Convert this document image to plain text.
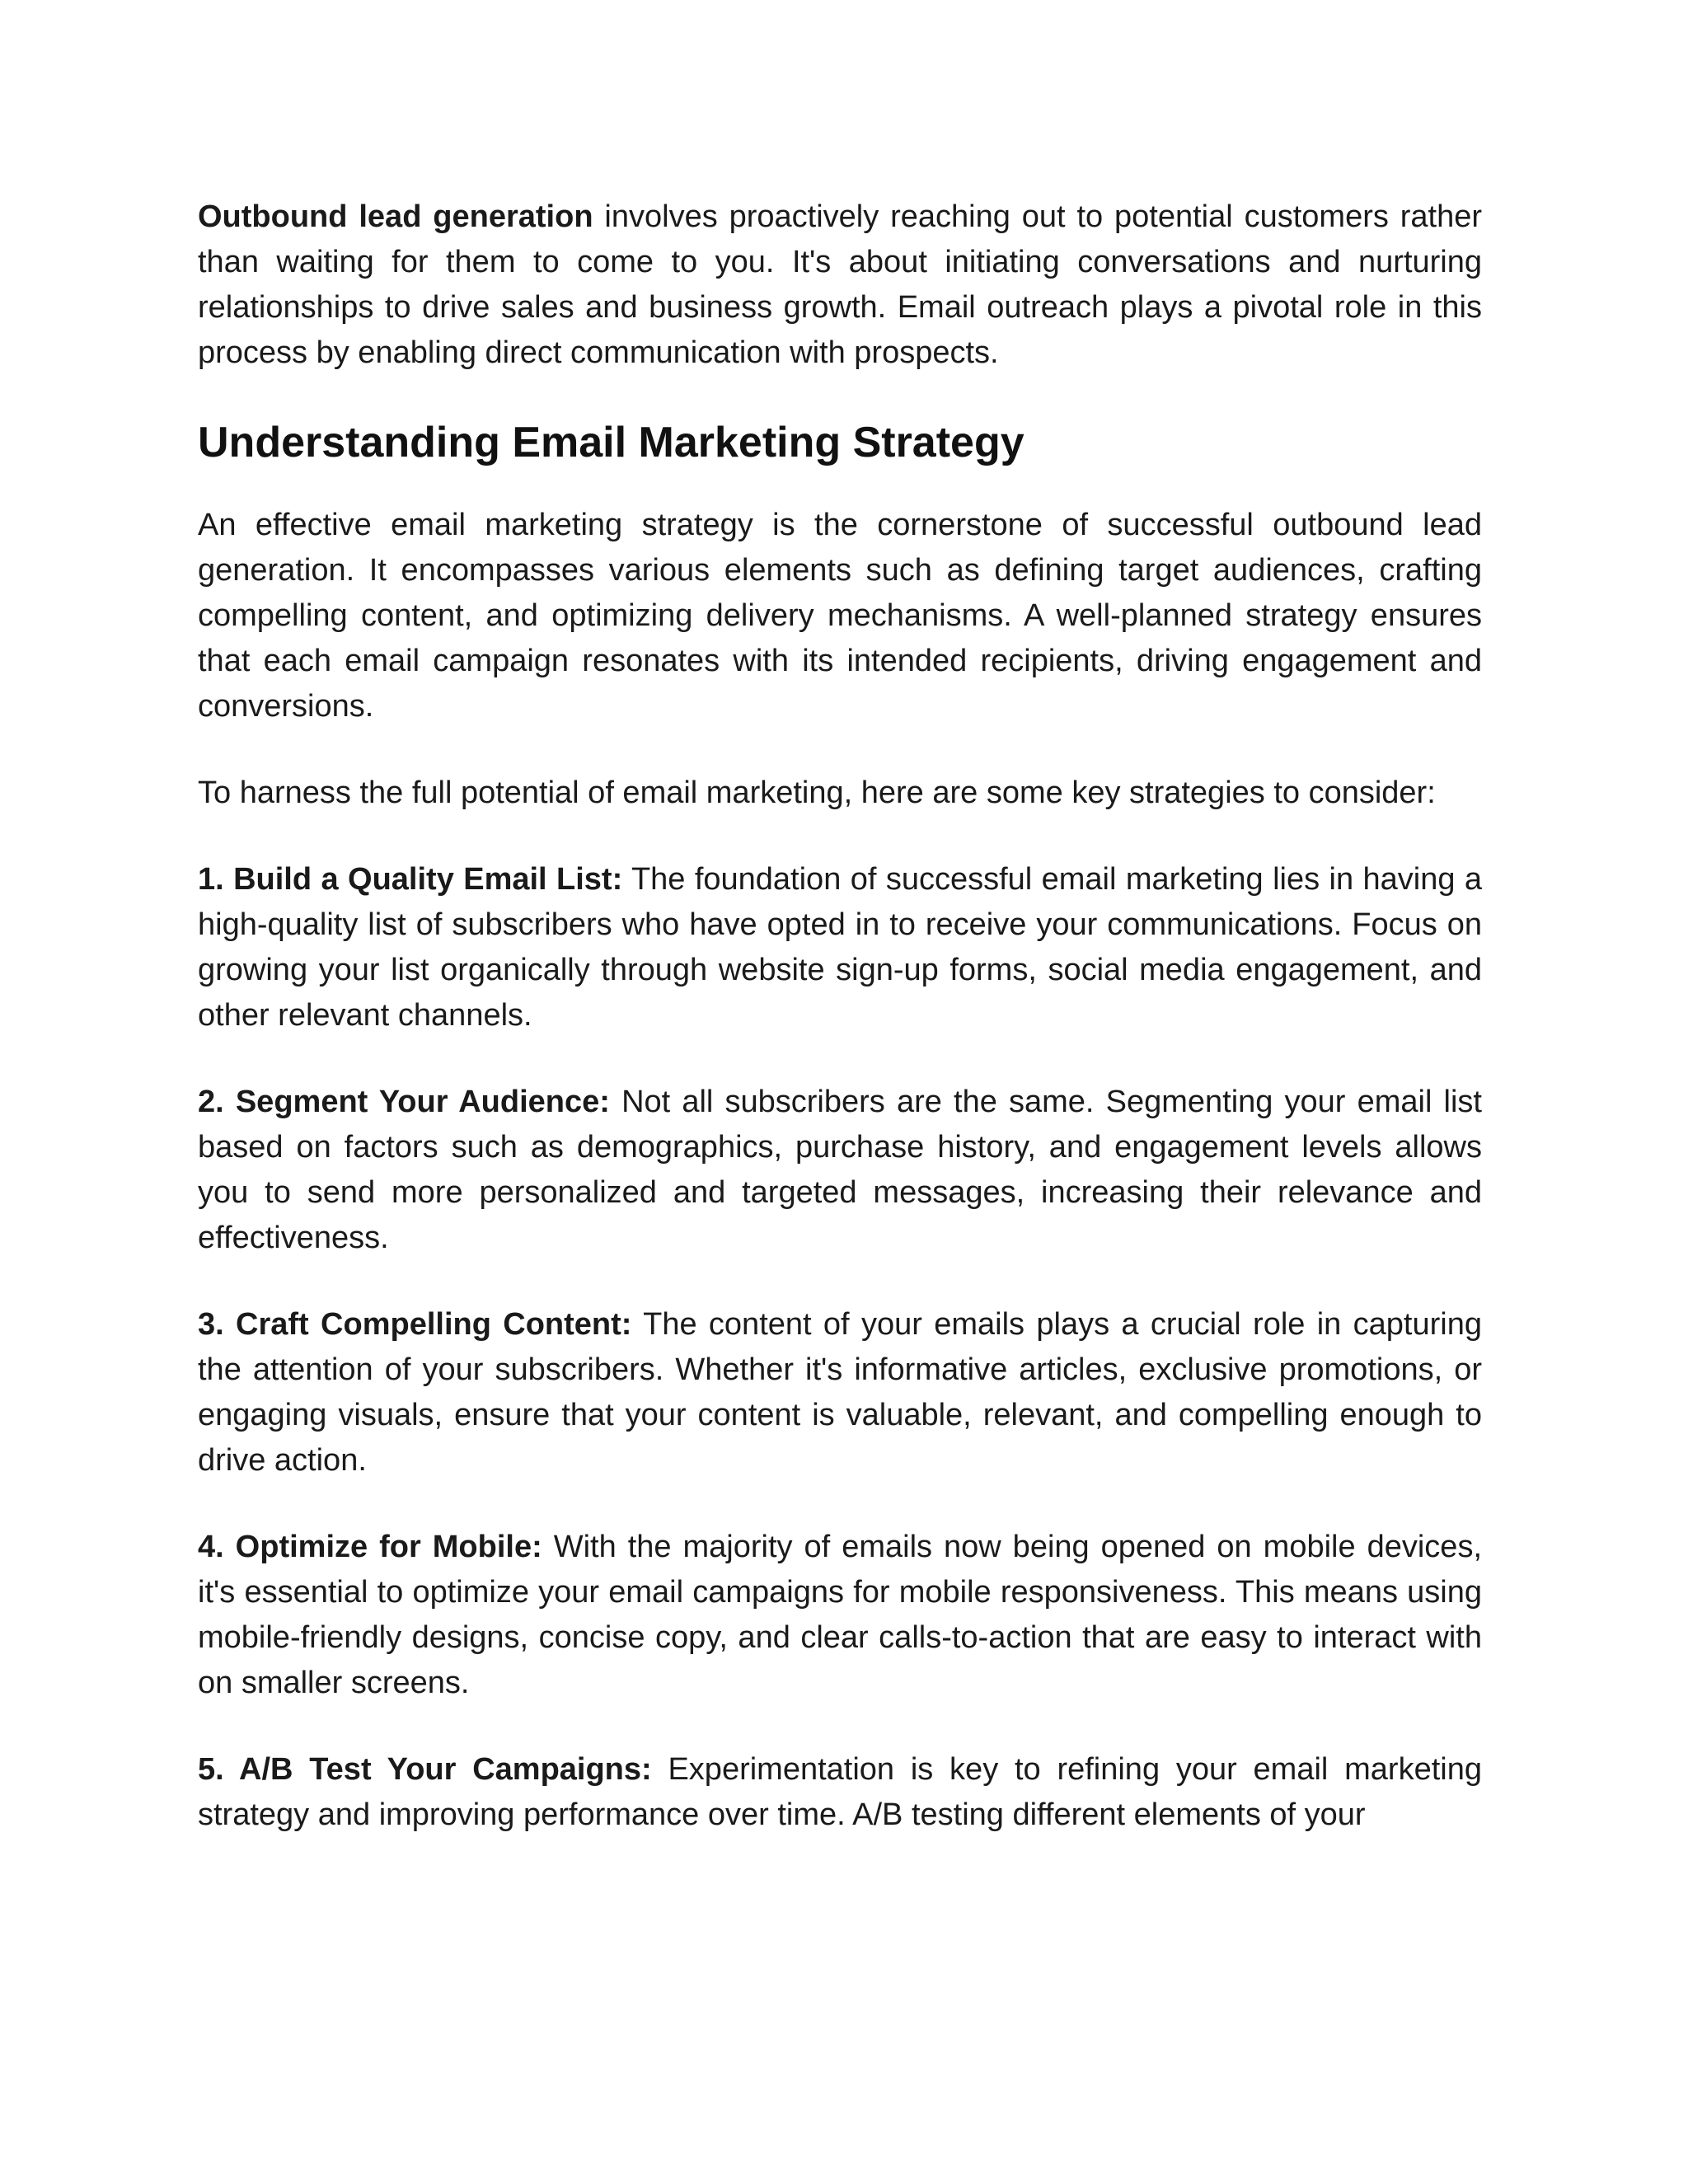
Outbound lead generation involves proactively reaching out to potential customers rather than waiting for them to come to you. It's about initiating conversations and nurturing relationships to drive sales and business growth. Email outreach plays a pivotal role in this process by enabling direct communication with prospects.

Understanding Email Marketing Strategy

An effective email marketing strategy is the cornerstone of successful outbound lead generation. It encompasses various elements such as defining target audiences, crafting compelling content, and optimizing delivery mechanisms. A well-planned strategy ensures that each email campaign resonates with its intended recipients, driving engagement and conversions.

To harness the full potential of email marketing, here are some key strategies to consider:

1. Build a Quality Email List: The foundation of successful email marketing lies in having a high-quality list of subscribers who have opted in to receive your communications. Focus on growing your list organically through website sign-up forms, social media engagement, and other relevant channels.

2. Segment Your Audience: Not all subscribers are the same. Segmenting your email list based on factors such as demographics, purchase history, and engagement levels allows you to send more personalized and targeted messages, increasing their relevance and effectiveness.

3. Craft Compelling Content: The content of your emails plays a crucial role in capturing the attention of your subscribers. Whether it's informative articles, exclusive promotions, or engaging visuals, ensure that your content is valuable, relevant, and compelling enough to drive action.

4. Optimize for Mobile: With the majority of emails now being opened on mobile devices, it's essential to optimize your email campaigns for mobile responsiveness. This means using mobile-friendly designs, concise copy, and clear calls-to-action that are easy to interact with on smaller screens.

5. A/B Test Your Campaigns: Experimentation is key to refining your email marketing strategy and improving performance over time. A/B testing different elements of your
